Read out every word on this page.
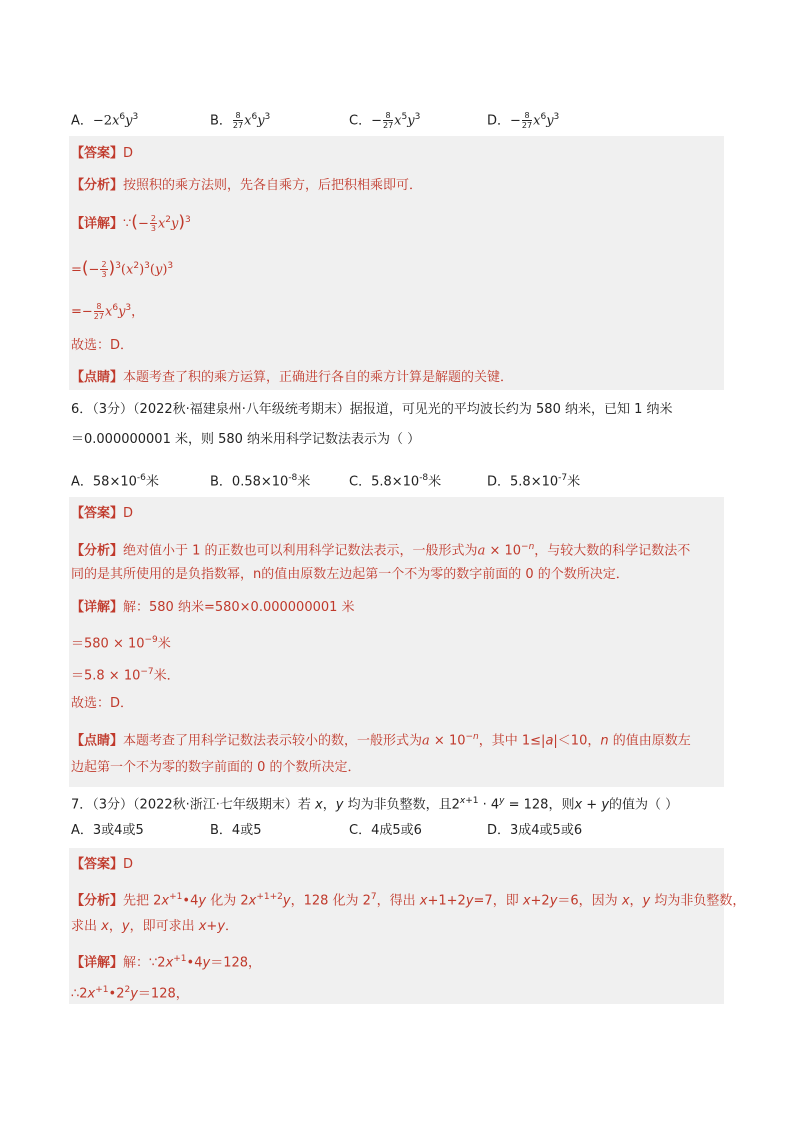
A．$-2x^6y^3$	B． $\frac{8}{27} x^6y^3$	C．− $\frac{8}{27} x^5y^3$	D．− $\frac{8}{27} x^6y^3$
【答案】D
【分析】按照积的乘方法则，先各自乘方，后把积相乘即可．
【详解】∵(− $\frac{2}{3} x^2y)^3$
=(− $\frac{2}{3} )^3(x^2)^3(y)^3$
=− $\frac{8}{27} x^6y^3$，
故选：D．
【点睛】本题考查了积的乘方运算，正确进行各自的乘方计算是解题的关键．
6．（3分）（2022秋·福建泉州·八年级统考期末）据报道，可见光的平均波长约为 580 纳米，已知 1 纳米
＝0.000000001 米，则 580 纳米用科学记数法表示为（ ）
A．$58\times 10^{-6}$米	B．$0.58\times 10^{-8}$米	C．$5.8\times 10^{-8}$米	D．$5.8\times 10^{-7}$米
【答案】D
【分析】绝对值小于 1 的正数也可以利用科学记数法表示，一般形式为$a \times 10^{-n}$，与较大数的科学记数法不
同的是其所使用的是负指数幂，n的值由原数左边起第一个不为零的数字前面的 0 的个数所决定．
【详解】解：580 纳米=580×0.000000001 米
$=580 \times 10^{-9}$米
$=5.8 \times 10^{-7}$米．
故选：D．
【点睛】本题考查了用科学记数法表示较小的数，一般形式为$a \times 10^{-n}$，其中 1≤|a|＜10，n 的值由原数左
边起第一个不为零的数字前面的 0 的个数所决定．
7．（3分）（2022秋·浙江·七年级期末）若 x，y 均为非负整数，且$2^{x+1} \cdot 4^y = 128$，则x + y的值为（ ）
A．3或4或5	B．4或5	C．4成5或6	D．3成4或5或6
【答案】D
【分析】先把 $2x^{+1}•4y$ 化为 $2x^{+1+2}y$，128 化为 $2^7$，得出 x+1+2y=7，即 x+2y＝6，因为 x，y 均为非负整数，
求出 x，y，即可求出 x+y．
【详解】解：$\because 2x^{+1}•4y=128$，
$\therefore 2x^{+1}•2^2y=128$，
